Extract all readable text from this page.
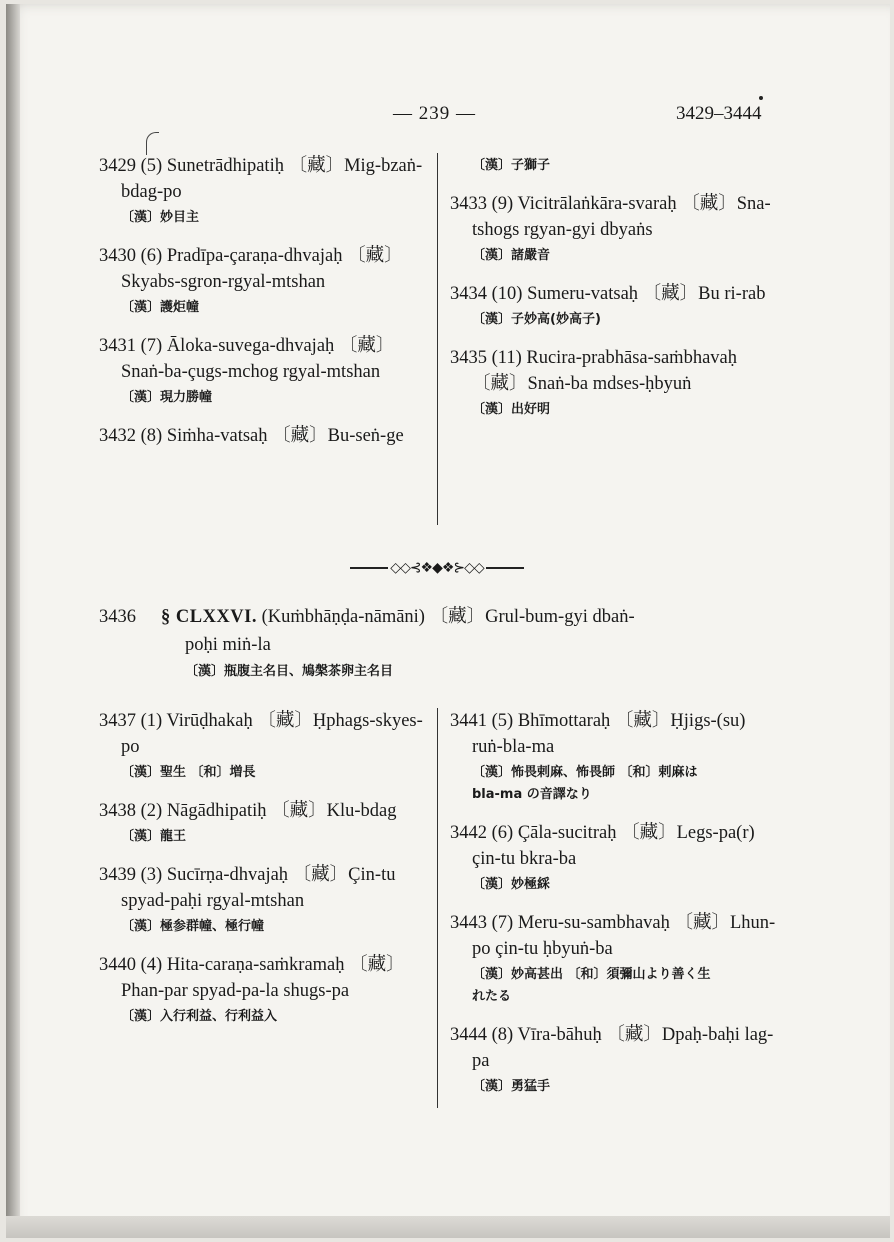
— 239 —	3429–3444
3429 (5) Sunetrādhipatiḥ 〔藏〕Mig-bzaṅ-bdag-po
〔漢〕妙目主
3430 (6) Pradīpa-çaraṇa-dhvajaḥ 〔藏〕Skyabs-sgron-rgyal-mtshan
〔漢〕護炬幢
3431 (7) Āloka-suvega-dhvajaḥ 〔藏〕Snaṅ-ba-çugs-mchog rgyal-mtshan
〔漢〕現力勝幢
3432 (8) Siṁha-vatsaḥ 〔藏〕Bu-seṅ-ge
〔漢〕子獅子
3433 (9) Vicitrālaṅkāra-svaraḥ 〔藏〕Sna-tshogs rgyan-gyi dbyaṅs
〔漢〕諸嚴音
3434 (10) Sumeru-vatsaḥ 〔藏〕Bu ri-rab
〔漢〕子妙高(妙高子)
3435 (11) Rucira-prabhāsa-saṁbhavaḥ 〔藏〕Snaṅ-ba mdses-ḥbyuṅ
〔漢〕出好明
◇◇⊰❖◆❖⊱◇◇
3436 § CLXXVI. (Kuṁbhāṇḍa-nāmāni) 〔藏〕Grul-bum-gyi dbaṅ-
poḥi miṅ-la
〔漢〕瓶腹主名目、鳩槃茶卵主名目
3437 (1) Virūḍhakaḥ 〔藏〕Ḥphags-skyes-po
〔漢〕聖生 〔和〕増長
3438 (2) Nāgādhipatiḥ 〔藏〕Klu-bdag
〔漢〕龍王
3439 (3) Sucīrṇa-dhvajaḥ 〔藏〕Çin-tu spyad-paḥi rgyal-mtshan
〔漢〕極参群幢、極行幢
3440 (4) Hita-caraṇa-saṁkramaḥ 〔藏〕Phan-par spyad-pa-la shugs-pa
〔漢〕入行利益、行利益入
3441 (5) Bhīmottaraḥ 〔藏〕Ḥjigs-(su) ruṅ-bla-ma
〔漢〕怖畏剌麻、怖畏師 〔和〕剌麻は
bla-ma の音譯なり
3442 (6) Çāla-sucitraḥ 〔藏〕Legs-pa(r) çin-tu bkra-ba
〔漢〕妙極綵
3443 (7) Meru-su-sambhavaḥ 〔藏〕Lhun-po çin-tu ḥbyuṅ-ba
〔漢〕妙高甚出 〔和〕須彌山より善く生
れたる
3444 (8) Vīra-bāhuḥ 〔藏〕Dpaḥ-baḥi lag-pa
〔漢〕勇猛手
